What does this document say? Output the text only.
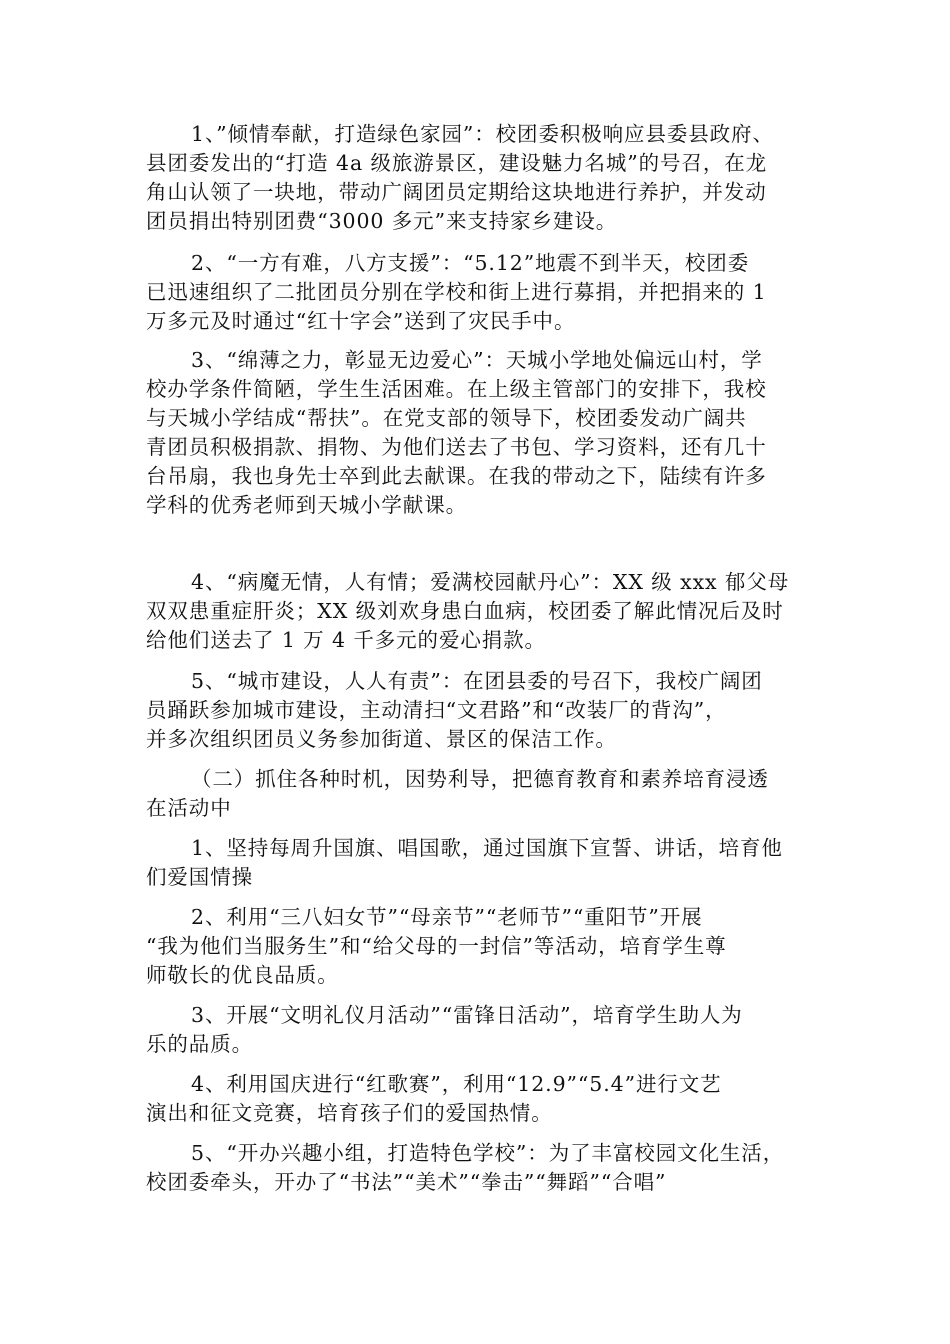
1、”倾情奉献，打造绿色家园”：校团委积极响应县委县政府、
县团委发出的“打造 4a 级旅游景区，建设魅力名城”的号召，在龙
角山认领了一块地，带动广阔团员定期给这块地进行养护，并发动
团员捐出特别团费“3000 多元”来支持家乡建设。
2、“一方有难，八方支援”：“5.12”地震不到半天，校团委
已迅速组织了二批团员分别在学校和街上进行募捐，并把捐来的 1
万多元及时通过“红十字会”送到了灾民手中。
3、“绵薄之力，彰显无边爱心”：天城小学地处偏远山村，学
校办学条件简陋，学生生活困难。在上级主管部门的安排下，我校
与天城小学结成“帮扶”。在党支部的领导下，校团委发动广阔共
青团员积极捐款、捐物、为他们送去了书包、学习资料，还有几十
台吊扇，我也身先士卒到此去献课。在我的带动之下，陆续有许多
学科的优秀老师到天城小学献课。
4、“病魔无情，人有情；爱满校园献丹心”：XX 级 xxx 郁父母
双双患重症肝炎；XX 级刘欢身患白血病，校团委了解此情况后及时
给他们送去了 1 万 4 千多元的爱心捐款。
5、“城市建设，人人有责”：在团县委的号召下，我校广阔团
员踊跃参加城市建设，主动清扫“文君路”和“改装厂的背沟”，
并多次组织团员义务参加街道、景区的保洁工作。
（二）抓住各种时机，因势利导，把德育教育和素养培育浸透
在活动中
1、坚持每周升国旗、唱国歌，通过国旗下宣誓、讲话，培育他
们爱国情操
2、利用“三八妇女节”“母亲节”“老师节”“重阳节”开展
“我为他们当服务生”和“给父母的一封信”等活动，培育学生尊
师敬长的优良品质。
3、开展“文明礼仪月活动”“雷锋日活动”，培育学生助人为
乐的品质。
4、利用国庆进行“红歌赛”，利用“12.9”“5.4”进行文艺
演出和征文竞赛，培育孩子们的爱国热情。
5、“开办兴趣小组，打造特色学校”：为了丰富校园文化生活，
校团委牵头，开办了“书法”“美术”“拳击”“舞蹈”“合唱”
